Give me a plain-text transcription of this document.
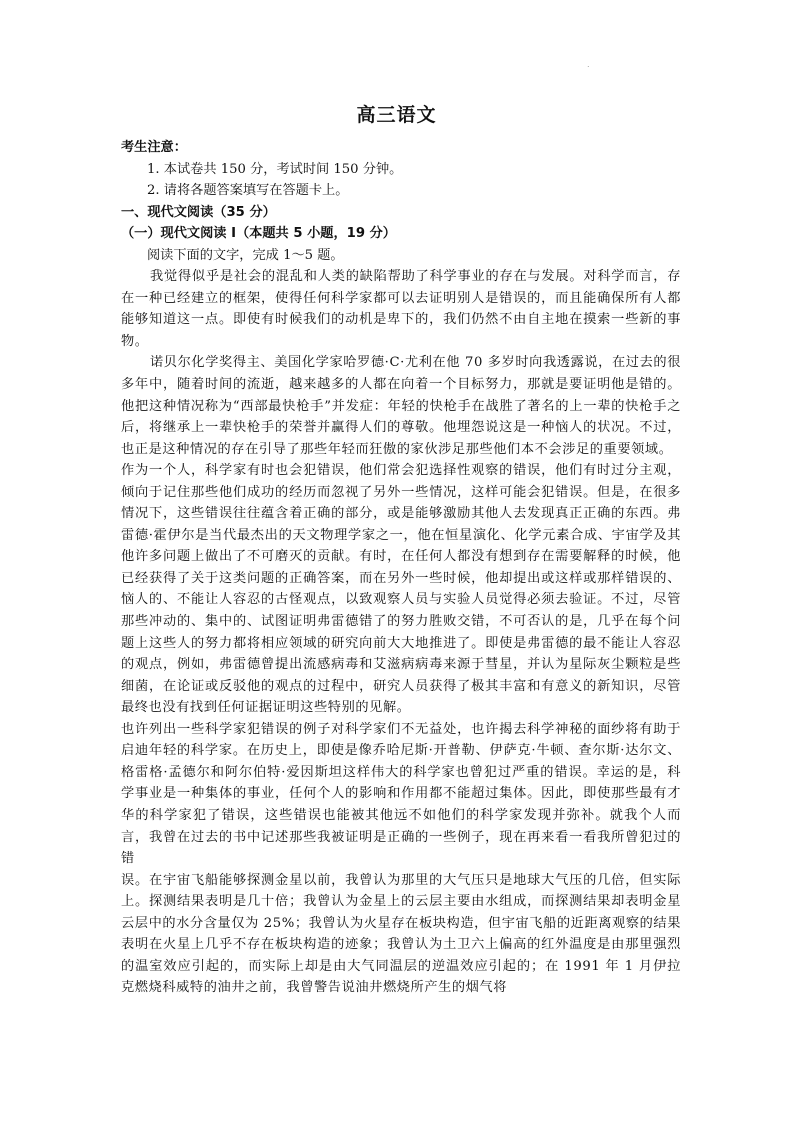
.
高三语文

考生注意：

1. 本试卷共 150 分，考试时间 150 分钟。

2. 请将各题答案填写在答题卡上。

一、现代文阅读（35 分）

（一）现代文阅读 I（本题共 5 小题，19 分）

阅读下面的文字，完成 1～5 题。

我觉得似乎是社会的混乱和人类的缺陷帮助了科学事业的存在与发展。对科学而言，存在一种已经建立的框架，使得任何科学家都可以去证明别人是错误的，而且能确保所有人都能够知道这一点。即使有时候我们的动机是卑下的，我们仍然不由自主地在摸索一些新的事物。

诺贝尔化学奖得主、美国化学家哈罗德·C·尤利在他 70 多岁时向我透露说，在过去的很多年中，随着时间的流逝，越来越多的人都在向着一个目标努力，那就是要证明他是错的。他把这种情况称为“西部最快枪手”并发症：年轻的快枪手在战胜了著名的上一辈的快枪手之后，将继承上一辈快枪手的荣誉并赢得人们的尊敬。他埋怨说这是一种恼人的状况。不过，也正是这种情况的存在引导了那些年轻而狂傲的家伙涉足那些他们本不会涉足的重要领域。

作为一个人，科学家有时也会犯错误，他们常会犯选择性观察的错误，他们有时过分主观，倾向于记住那些他们成功的经历而忽视了另外一些情况，这样可能会犯错误。但是，在很多情况下，这些错误往往蕴含着正确的部分，或是能够激励其他人去发现真正正确的东西。弗雷德·霍伊尔是当代最杰出的天文物理学家之一，他在恒星演化、化学元素合成、宇宙学及其他许多问题上做出了不可磨灭的贡献。有时，在任何人都没有想到存在需要解释的时候，他已经获得了关于这类问题的正确答案，而在另外一些时候，他却提出或这样或那样错误的、恼人的、不能让人容忍的古怪观点，以致观察人员与实验人员觉得必须去验证。不过，尽管那些冲动的、集中的、试图证明弗雷德错了的努力胜败交错，不可否认的是，几乎在每个问题上这些人的努力都将相应领域的研究向前大大地推进了。即使是弗雷德的最不能让人容忍的观点，例如，弗雷德曾提出流感病毒和艾滋病病毒来源于彗星，并认为星际灰尘颗粒是些细菌，在论证或反驳他的观点的过程中，研究人员获得了极其丰富和有意义的新知识，尽管最终也没有找到任何证据证明这些特别的见解。

也许列出一些科学家犯错误的例子对科学家们不无益处，也许揭去科学神秘的面纱将有助于启迪年轻的科学家。在历史上，即使是像乔哈尼斯·开普勒、伊萨克·牛顿、查尔斯·达尔文、格雷格·孟德尔和阿尔伯特·爱因斯坦这样伟大的科学家也曾犯过严重的错误。幸运的是，科学事业是一种集体的事业，任何个人的影响和作用都不能超过集体。因此，即使那些最有才华的科学家犯了错误，这些错误也能被其他远不如他们的科学家发现并弥补。就我个人而言，我曾在过去的书中记述那些我被证明是正确的一些例子，现在再来看一看我所曾犯过的错

误。在宇宙飞船能够探测金星以前，我曾认为那里的大气压只是地球大气压的几倍，但实际上。探测结果表明是几十倍；我曾认为金星上的云层主要由水组成，而探测结果却表明金星云层中的水分含量仅为 25%；我曾认为火星存在板块构造，但宇宙飞船的近距离观察的结果表明在火星上几乎不存在板块构造的迹象；我曾认为土卫六上偏高的红外温度是由那里强烈的温室效应引起的，而实际上却是由大气同温层的逆温效应引起的；在 1991 年 1 月伊拉克燃烧科威特的油井之前，我曾警告说油井燃烧所产生的烟气将
